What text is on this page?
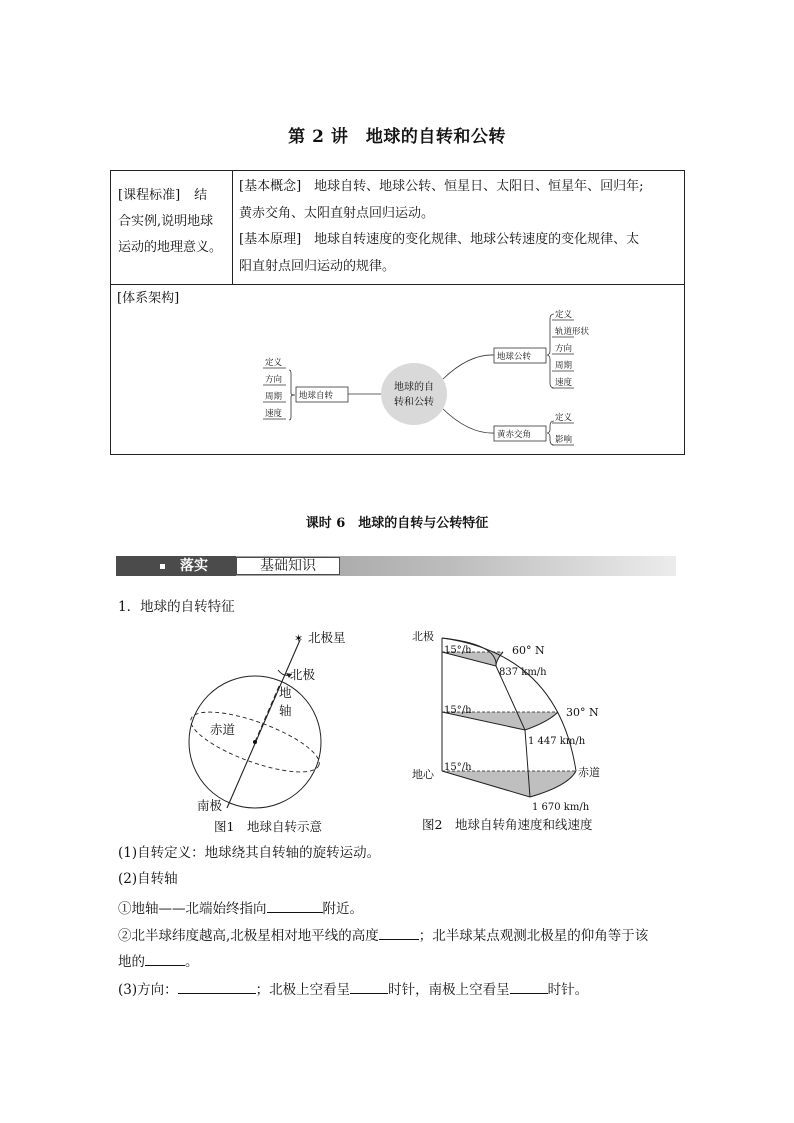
第 2 讲　地球的自转和公转
[课程标准] 结
合实例,说明地球
运动的地理意义。
[基本概念]　地球自转、地球公转、恒星日、太阳日、恒星年、回归年;
黄赤交角、太阳直射点回归运动。
[基本原理]　地球自转速度的变化规律、地球公转速度的变化规律、太
阳直射点回归运动的规律。
[体系架构]
定义
方向
周期
速度
地球自转
地球的自
转和公转
地球公转
黄赤交角
定义
轨道形状
方向
周期
速度
定义
影响
课时 6　地球的自转与公转特征
落实	基础知识
1．地球的自转特征
✶ 北极星
北极
地
轴
赤道
南极
图1　地球自转示意
北极
地心	赤道
60° N
30° N
15°/h
15°/h
15°/h
837 km/h
1 447 km/h
1 670 km/h
图2　地球自转角速度和线速度
(1)自转定义：地球绕其自转轴的旋转运动。
(2)自转轴
①地轴——北端始终指向	附近。
②北半球纬度越高,北极星相对地平线的高度	；北半球某点观测北极星的仰角等于该
地的	。
(3)方向：	；北极上空看呈	时针，南极上空看呈	时针。
